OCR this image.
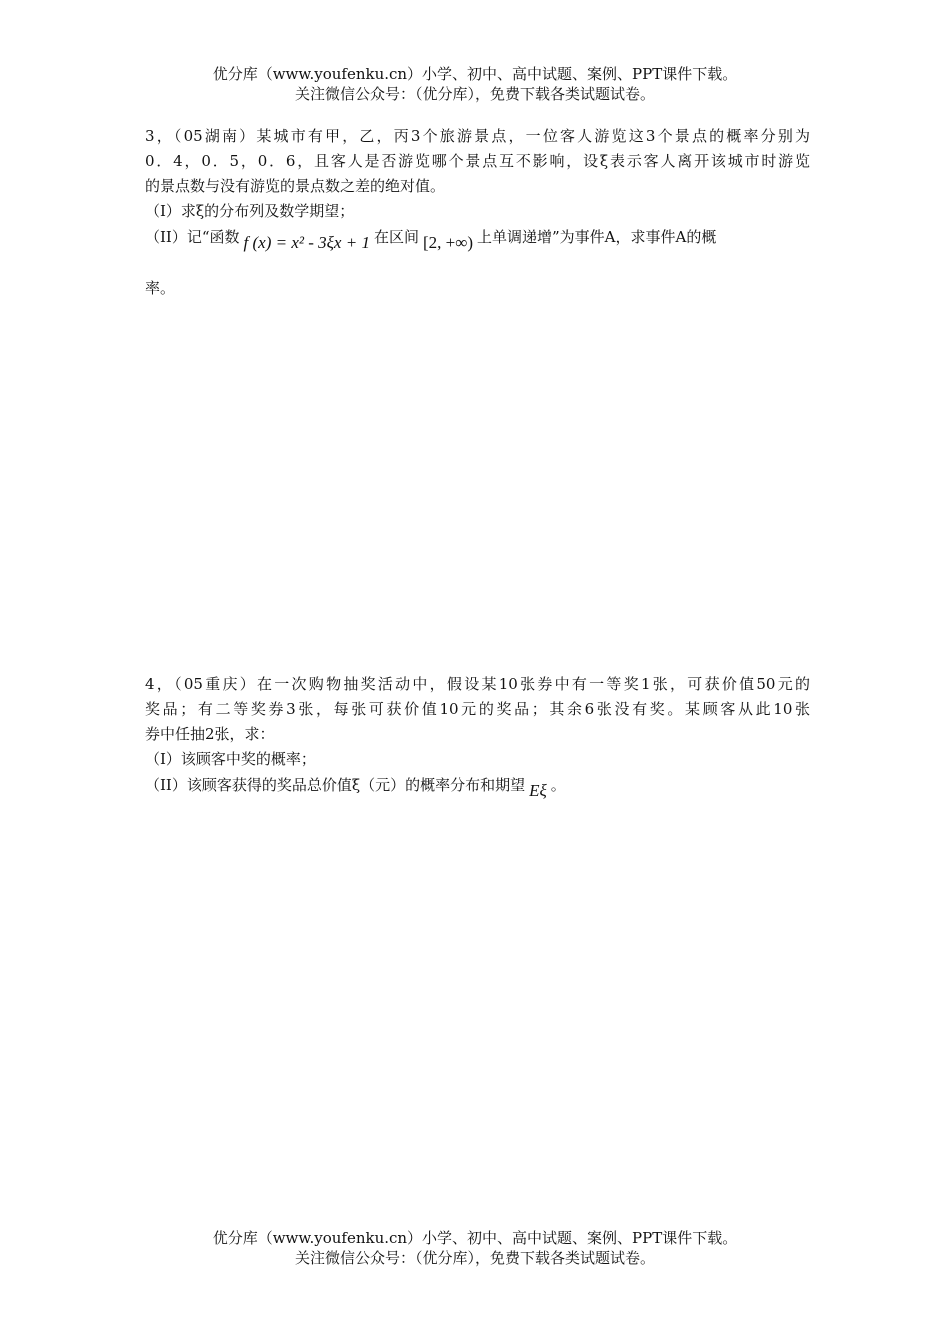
优分库（www.youfenku.cn）小学、初中、高中试题、案例、PPT课件下载。
关注微信公众号：（优分库），免费下载各类试题试卷。
3，（05湖南）某城市有甲，乙，丙3个旅游景点，一位客人游览这3个景点的概率分别为
0．4，0．5，0．6，且客人是否游览哪个景点互不影响，设ξ表示客人离开该城市时游览
的景点数与没有游览的景点数之差的绝对值。
（I）求ξ的分布列及数学期望；
（II）记“函数 f (x) = x² - 3ξx + 1 在区间 [2, +∞) 上单调递增”为事件A，求事件A的概
率。
4，（05重庆）在一次购物抽奖活动中，假设某10张券中有一等奖1张，可获价值50元的
奖品；有二等奖券3张，每张可获价值10元的奖品；其余6张没有奖。某顾客从此10张
券中任抽2张，求：
（I）该顾客中奖的概率；
（II）该顾客获得的奖品总价值ξ（元）的概率分布和期望 Eξ 。
优分库（www.youfenku.cn）小学、初中、高中试题、案例、PPT课件下载。
关注微信公众号：（优分库），免费下载各类试题试卷。
